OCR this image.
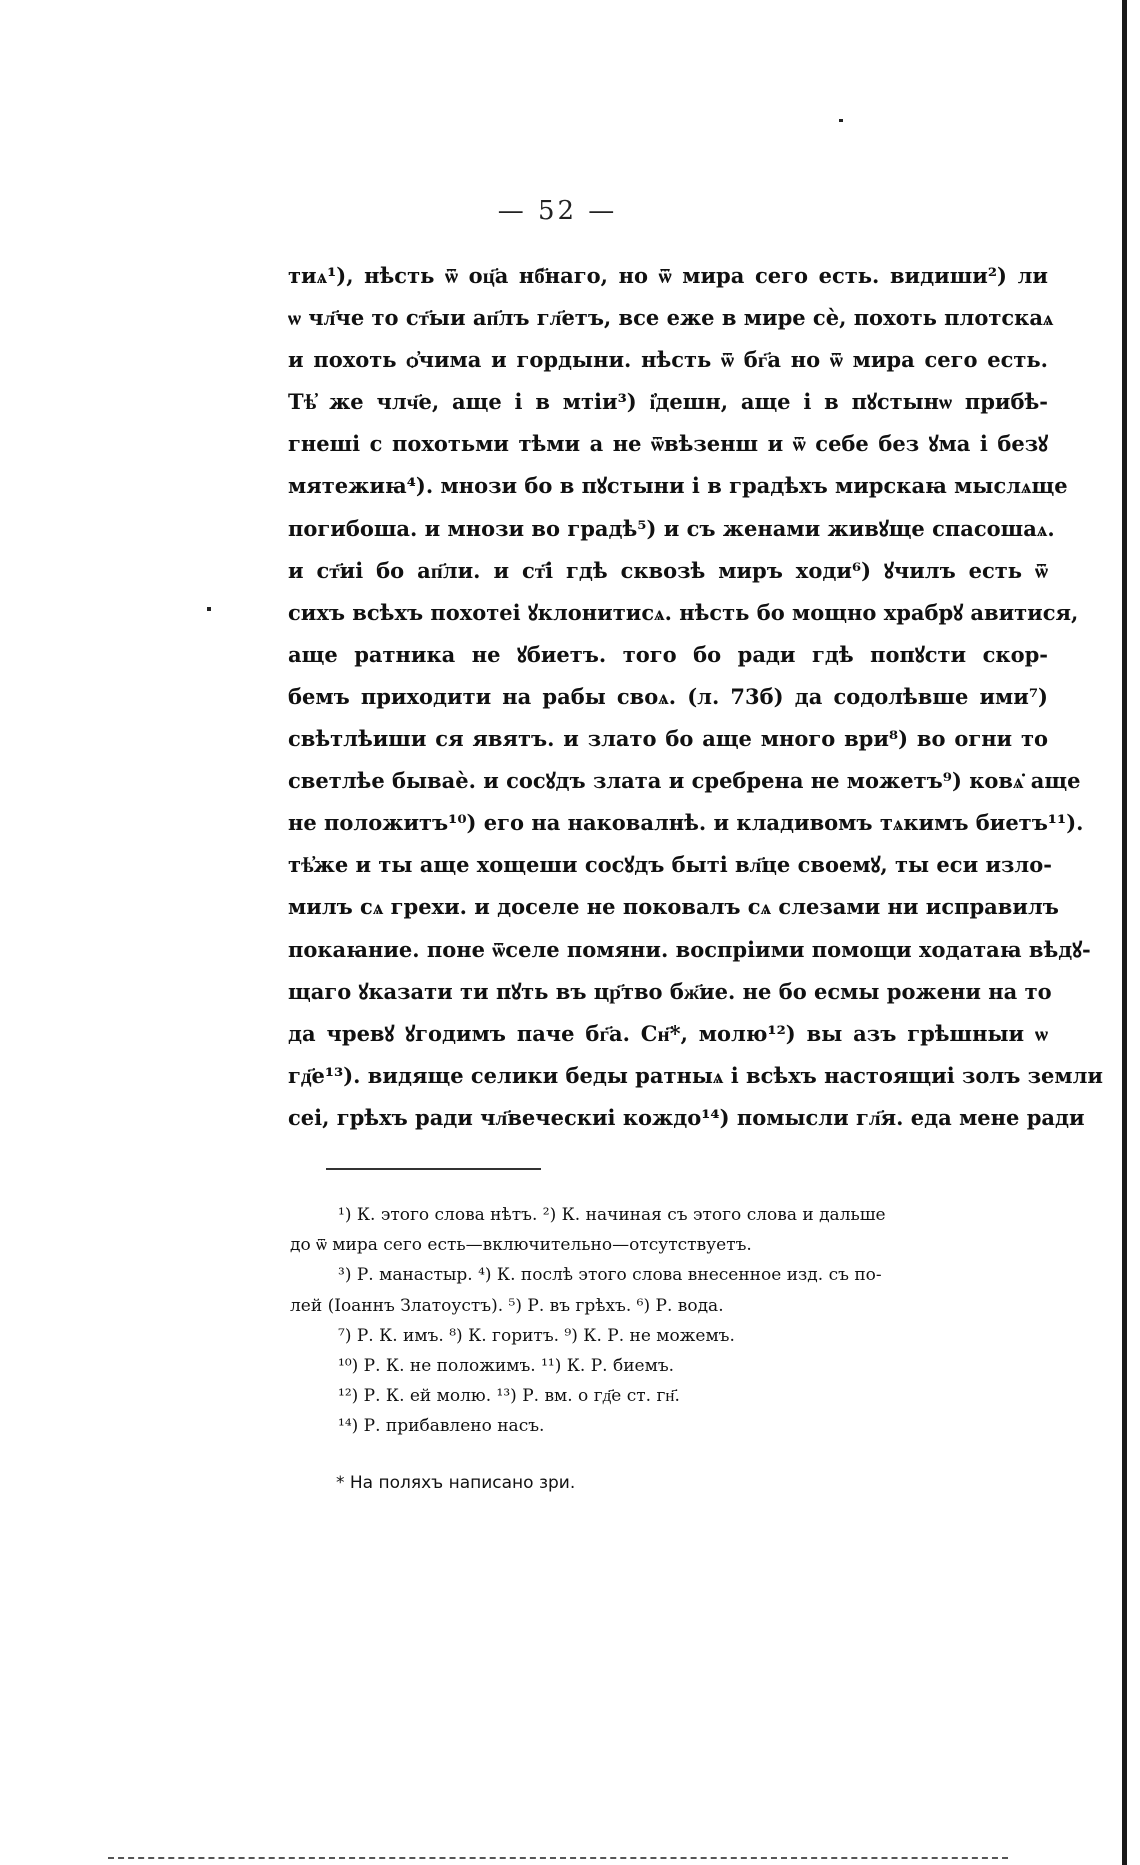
— 52 —
тиѧ¹), нѣсть ѿ оц҃а нб҃наго, но ѿ мира сего есть. видиши²) ли
ѡ чл҃че то ст҃ыи ап҃лъ гл҃етъ, все еже в мире сѐ, похоть плотскаѧ
и похоть ѻ҆чима и гордыни. нѣсть ѿ бг҃а но ѿ мира сего есть.
Тѣ҆ же члч҃е, аще і в мтіи³) і҆дешн, аще і в пꙋстынѡ прибѣ-
гнеші с похотьми тѣми а не ѿвѣзенш и ѿ себе без ꙋма і безꙋ
мятежиꙗ⁴). мнози бо в пꙋстыни і в градѣхъ мирскаꙗ мыслѧще
погибоша. и мнози во градѣ⁵) и съ женами живꙋще спасошаѧ.
и ст҃иі бо ап҃ли. и ст҃і гдѣ сквозѣ миръ ходи⁶) ꙋчилъ есть ѿ
сихъ всѣхъ похотеі ꙋклонитисѧ. нѣсть бо мощно храбрꙋ авитися,
аще ратника не ꙋбиетъ. того бо ради гдѣ попꙋсти скор-
бемъ приходити на рабы своѧ. (л. 73б) да содолѣвше ими⁷)
свѣтлѣиши ся явятъ. и злато бо аще много ври⁸) во огни то
светлѣе бываѐ. и сосꙋдъ злата и сребрена не можетъ⁹) ковѧ̇ аще
не положитъ¹⁰) его на наковалнѣ. и кладивомъ тѧкимъ биетъ¹¹).
тѣ҆же и ты аще хощеши сосꙋдъ быті вл҃це своемꙋ, ты еси изло-
милъ сѧ грехи. и доселе не поковалъ сѧ слезами ни исправилъ
покаꙗние. поне ѿселе помяни. воспріими помощи ходатаꙗ вѣдꙋ-
щаго ꙋказати ти пꙋть въ цр҃тво бж҃ие. не бо есмы рожени на то
да чревꙋ ꙋгодимъ паче бг҃а. Сн҃*, молю¹²) вы азъ грѣшныи ѡ
гд҃е¹³). видяще селики беды ратныѧ і всѣхъ настоящиі золъ земли
сеі, грѣхъ ради чл҃веческиі кождо¹⁴) помысли гл҃я. еда мене ради
¹) К. этого слова нѣтъ. ²) К. начиная съ этого слова и дальше
до ѿ мира сего есть—включительно—отсутствуетъ.
³) Р. манастыр. ⁴) К. послѣ этого слова внесенное изд. съ по-
лей (Іоаннъ Златоустъ). ⁵) Р. въ грѣхъ. ⁶) Р. вода.
⁷) Р. К. имъ. ⁸) К. горитъ. ⁹) К. Р. не можемъ.
¹⁰) Р. К. не положимъ. ¹¹) К. Р. биемъ.
¹²) Р. К. ей молю. ¹³) Р. вм. о гд҃е ст. гн҃.
¹⁴) Р. прибавлено насъ.
* На поляхъ написано зри.
